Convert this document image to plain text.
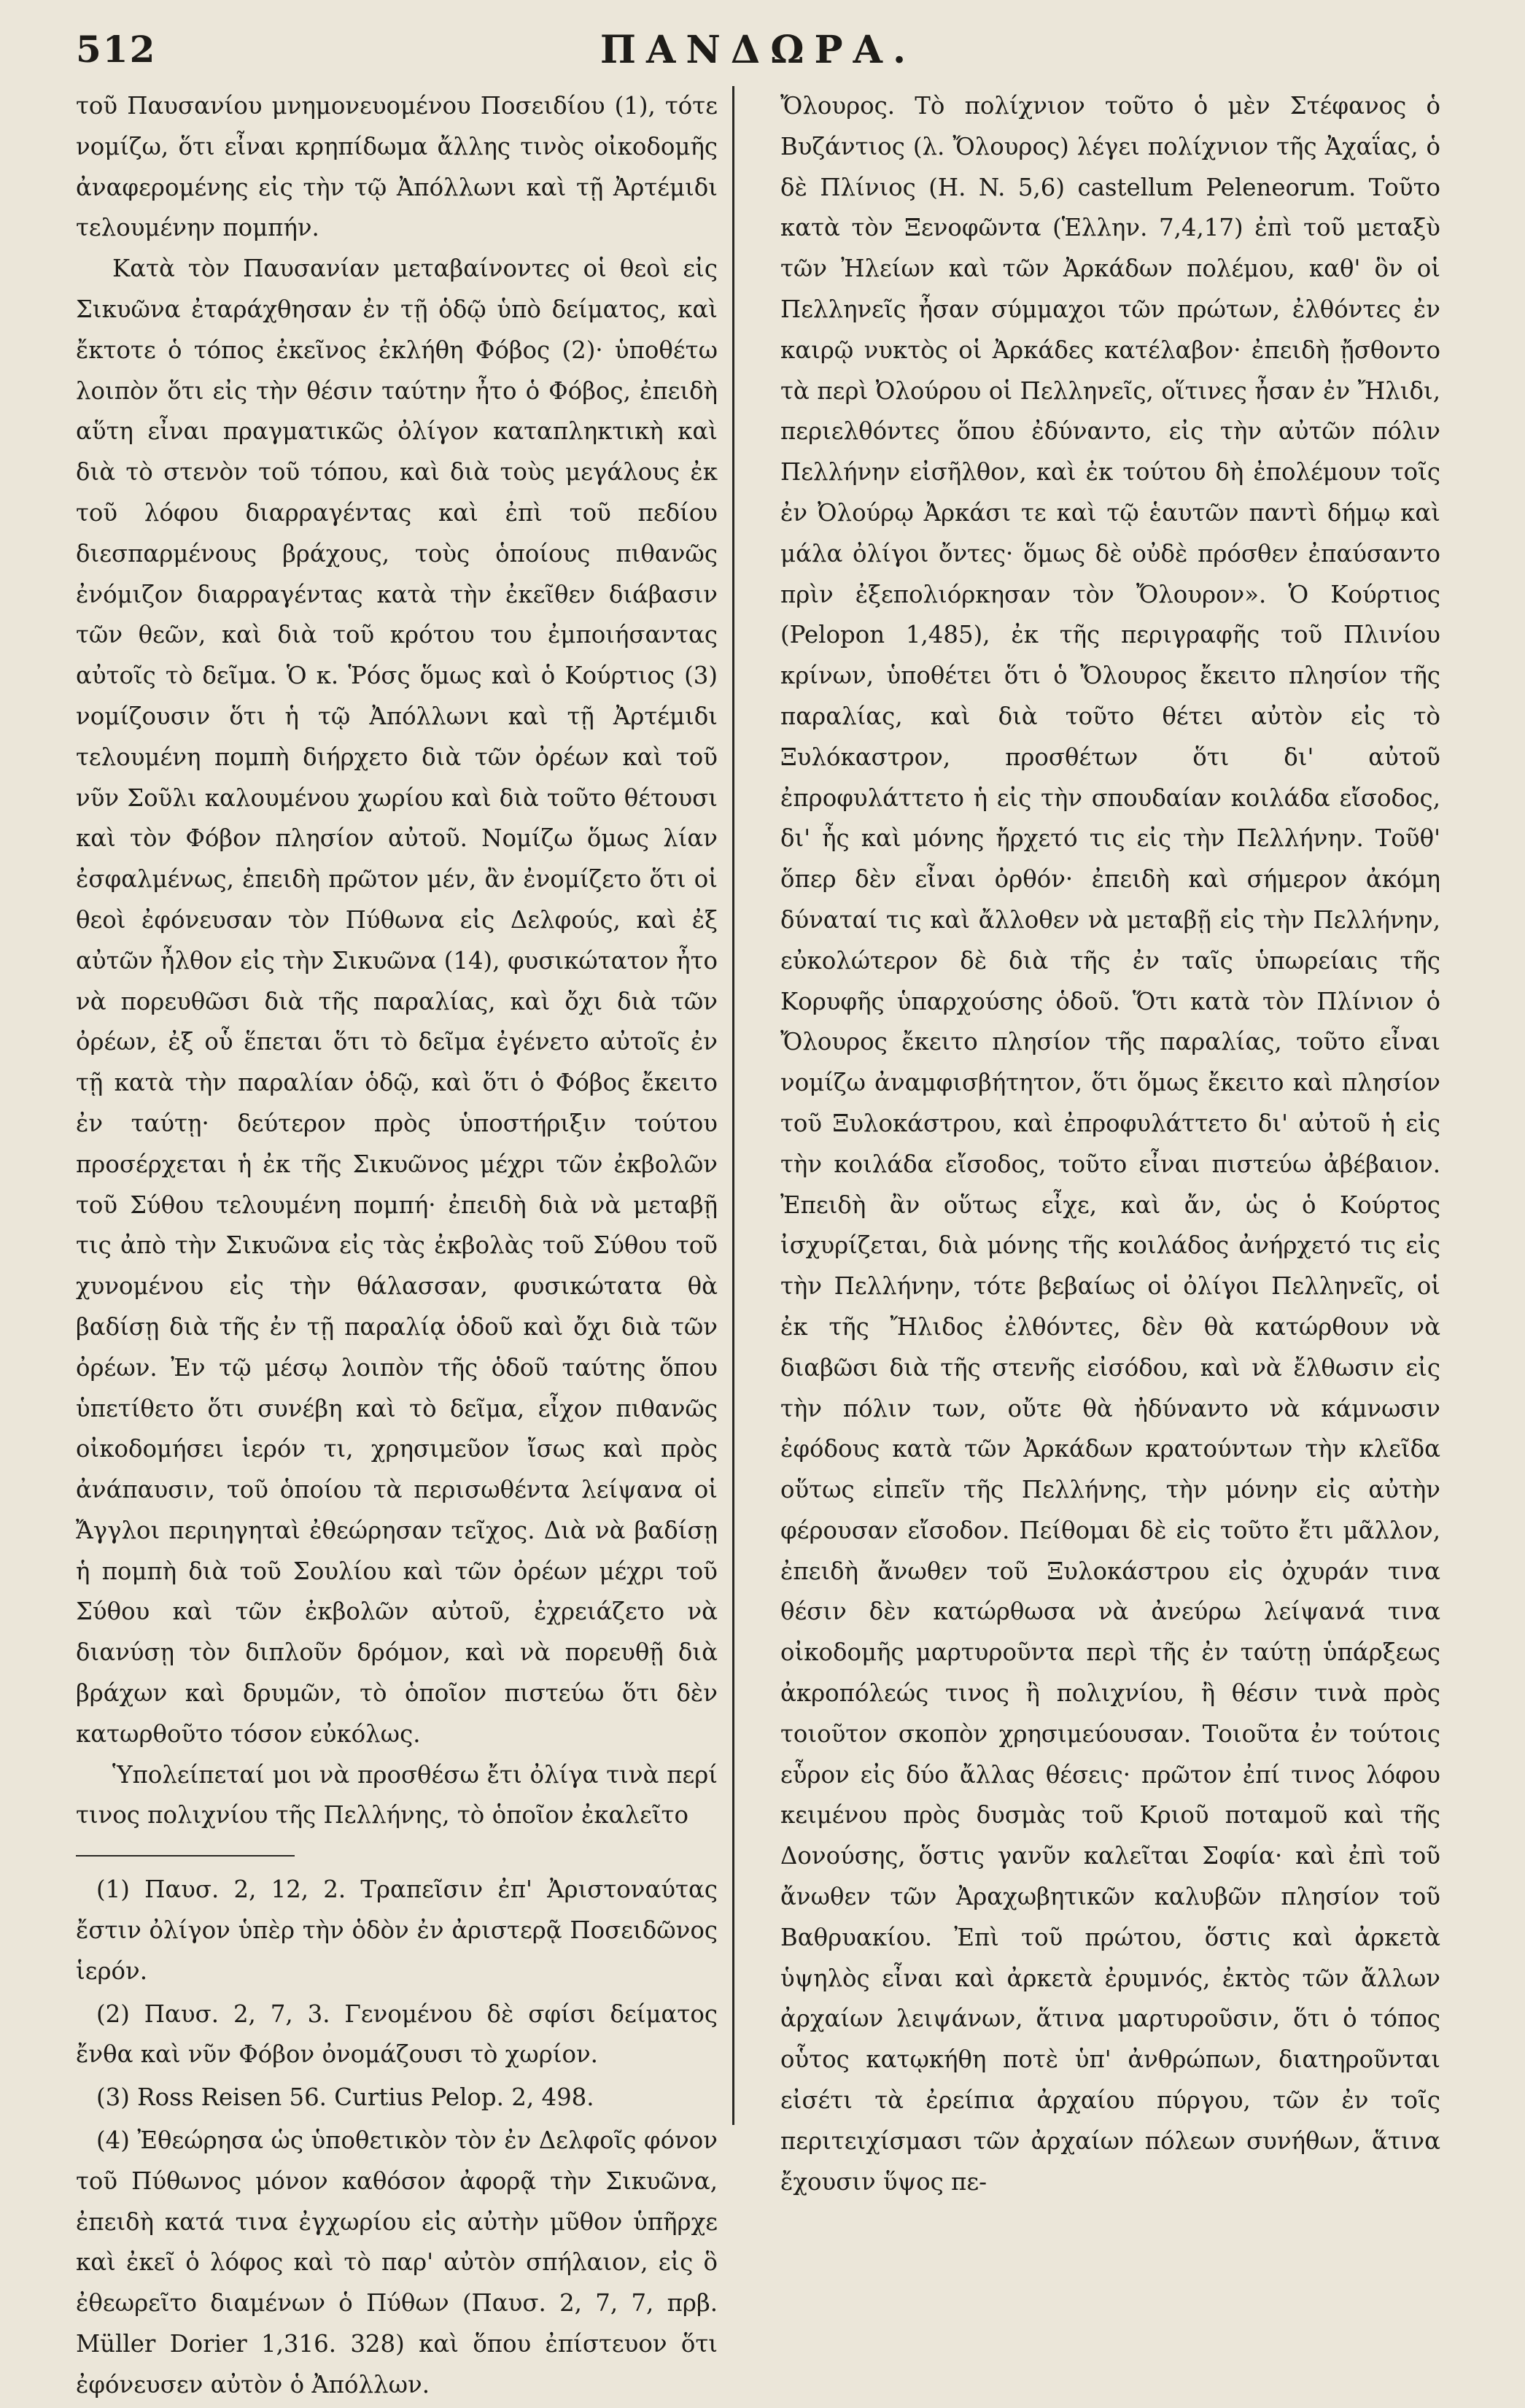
ΠΑΝΔΩΡΑ.
512

τοῦ Παυσανίου μνημονευομένου Ποσειδίου (1), τότε νομίζω, ὅτι εἶναι κρηπίδωμα ἄλλης τινὸς οἰκοδομῆς ἀναφερομένης εἰς τὴν τῷ Ἀπόλλωνι καὶ τῇ Ἀρτέμιδι τελουμένην πομπήν.

Κατὰ τὸν Παυσανίαν μεταβαίνοντες οἱ θεοὶ εἰς Σικυῶνα ἐταράχθησαν ἐν τῇ ὁδῷ ὑπὸ δείματος, καὶ ἔκτοτε ὁ τόπος ἐκεῖνος ἐκλήθη Φόβος (2)· ὑποθέτω λοιπὸν ὅτι εἰς τὴν θέσιν ταύτην ἦτο ὁ Φόβος, ἐπειδὴ αὕτη εἶναι πραγματικῶς ὀλίγον καταπληκτικὴ καὶ διὰ τὸ στενὸν τοῦ τόπου, καὶ διὰ τοὺς μεγάλους ἐκ τοῦ λόφου διαρραγέντας καὶ ἐπὶ τοῦ πεδίου διεσπαρμένους βράχους, τοὺς ὁποίους πιθανῶς ἐνόμιζον διαρραγέντας κατὰ τὴν ἐκεῖθεν διάβασιν τῶν θεῶν, καὶ διὰ τοῦ κρότου του ἐμποιήσαντας αὐτοῖς τὸ δεῖμα. Ὁ κ. Ῥόσς ὅμως καὶ ὁ Κούρτιος (3) νομίζουσιν ὅτι ἡ τῷ Ἀπόλλωνι καὶ τῇ Ἀρτέμιδι τελουμένη πομπὴ διήρχετο διὰ τῶν ὀρέων καὶ τοῦ νῦν Σοῦλι καλουμένου χωρίου καὶ διὰ τοῦτο θέτουσι καὶ τὸν Φόβον πλησίον αὐτοῦ. Νομίζω ὅμως λίαν ἐσφαλμένως, ἐπειδὴ πρῶτον μέν, ἂν ἐνομίζετο ὅτι οἱ θεοὶ ἐφόνευσαν τὸν Πύθωνα εἰς Δελφούς, καὶ ἐξ αὐτῶν ἦλθον εἰς τὴν Σικυῶνα (14), φυσικώτατον ἦτο νὰ πορευθῶσι διὰ τῆς παραλίας, καὶ ὄχι διὰ τῶν ὀρέων, ἐξ οὗ ἕπεται ὅτι τὸ δεῖμα ἐγένετο αὐτοῖς ἐν τῇ κατὰ τὴν παραλίαν ὁδῷ, καὶ ὅτι ὁ Φόβος ἔκειτο ἐν ταύτῃ· δεύτερον πρὸς ὑποστήριξιν τούτου προσέρχεται ἡ ἐκ τῆς Σικυῶνος μέχρι τῶν ἐκβολῶν τοῦ Σύθου τελουμένη πομπή· ἐπειδὴ διὰ νὰ μεταβῇ τις ἀπὸ τὴν Σικυῶνα εἰς τὰς ἐκβολὰς τοῦ Σύθου τοῦ χυνομένου εἰς τὴν θάλασσαν, φυσικώτατα θὰ βαδίσῃ διὰ τῆς ἐν τῇ παραλίᾳ ὁδοῦ καὶ ὄχι διὰ τῶν ὀρέων. Ἐν τῷ μέσῳ λοιπὸν τῆς ὁδοῦ ταύτης ὅπου ὑπετίθετο ὅτι συνέβη καὶ τὸ δεῖμα, εἶχον πιθανῶς οἰκοδομήσει ἱερόν τι, χρησιμεῦον ἴσως καὶ πρὸς ἀνάπαυσιν, τοῦ ὁποίου τὰ περισωθέντα λείψανα οἱ Ἄγγλοι περιηγηταὶ ἐθεώρησαν τεῖχος. Διὰ νὰ βαδίσῃ ἡ πομπὴ διὰ τοῦ Σουλίου καὶ τῶν ὀρέων μέχρι τοῦ Σύθου καὶ τῶν ἐκβολῶν αὐτοῦ, ἐχρειάζετο νὰ διανύσῃ τὸν διπλοῦν δρόμον, καὶ νὰ πορευθῇ διὰ βράχων καὶ δρυμῶν, τὸ ὁποῖον πιστεύω ὅτι δὲν κατωρθοῦτο τόσον εὐκόλως.

Ὑπολείπεταί μοι νὰ προσθέσω ἔτι ὀλίγα τινὰ περί τινος πολιχνίου τῆς Πελλήνης, τὸ ὁποῖον ἐκαλεῖτο

(1) Παυσ. 2, 12, 2. Τραπεῖσιν ἐπ' Ἀριστοναύτας ἔστιν ὀλίγον ὑπὲρ τὴν ὁδὸν ἐν ἀριστερᾷ Ποσειδῶνος ἱερόν.

(2) Παυσ. 2, 7, 3. Γενομένου δὲ σφίσι δείματος ἔνθα καὶ νῦν Φόβον ὀνομάζουσι τὸ χωρίον.

(3) Ross Reisen 56. Curtius Pelop. 2, 498.

(4) Ἐθεώρησα ὡς ὑποθετικὸν τὸν ἐν Δελφοῖς φόνον τοῦ Πύθωνος μόνον καθόσον ἀφορᾷ τὴν Σικυῶνα, ἐπειδὴ κατά τινα ἐγχωρίου εἰς αὐτὴν μῦθον ὑπῆρχε καὶ ἐκεῖ ὁ λόφος καὶ τὸ παρ' αὐτὸν σπήλαιον, εἰς ὃ ἐθεωρεῖτο διαμένων ὁ Πύθων (Παυσ. 2, 7, 7, πρβ. Müller Dorier 1,316. 328) καὶ ὅπου ἐπίστευον ὅτι ἐφόνευσεν αὐτὸν ὁ Ἀπόλλων.

Ὄλουρος. Τὸ πολίχνιον τοῦτο ὁ μὲν Στέφανος ὁ Βυζάντιος (λ. Ὄλουρος) λέγει πολίχνιον τῆς Ἀχαΐας, ὁ δὲ Πλίνιος (H. N. 5,6) castellum Peleneorum. Τοῦτο κατὰ τὸν Ξενοφῶντα (Ἑλλην. 7,4,17) ἐπὶ τοῦ μεταξὺ τῶν Ἠλείων καὶ τῶν Ἀρκάδων πολέμου, καθ' ὃν οἱ Πελληνεῖς ἦσαν σύμμαχοι τῶν πρώτων, ἐλθόντες ἐν καιρῷ νυκτὸς οἱ Ἀρκάδες κατέλαβον· ἐπειδὴ ᾔσθοντο τὰ περὶ Ὀλούρου οἱ Πελληνεῖς, οἵτινες ἦσαν ἐν Ἤλιδι, περιελθόντες ὅπου ἐδύναντο, εἰς τὴν αὐτῶν πόλιν Πελλήνην εἰσῆλθον, καὶ ἐκ τούτου δὴ ἐπολέμουν τοῖς ἐν Ὀλούρῳ Ἀρκάσι τε καὶ τῷ ἑαυτῶν παντὶ δήμῳ καὶ μάλα ὀλίγοι ὄντες· ὅμως δὲ οὐδὲ πρόσθεν ἐπαύσαντο πρὶν ἐξεπολιόρκησαν τὸν Ὄλουρον». Ὁ Κούρτιος (Pelopon 1,485), ἐκ τῆς περιγραφῆς τοῦ Πλινίου κρίνων, ὑποθέτει ὅτι ὁ Ὄλουρος ἔκειτο πλησίον τῆς παραλίας, καὶ διὰ τοῦτο θέτει αὐτὸν εἰς τὸ Ξυλόκαστρον, προσθέτων ὅτι δι' αὐτοῦ ἐπροφυλάττετο ἡ εἰς τὴν σπουδαίαν κοιλάδα εἴσοδος, δι' ἧς καὶ μόνης ἤρχετό τις εἰς τὴν Πελλήνην. Τοῦθ' ὅπερ δὲν εἶναι ὀρθόν· ἐπειδὴ καὶ σήμερον ἀκόμη δύναταί τις καὶ ἄλλοθεν νὰ μεταβῇ εἰς τὴν Πελλήνην, εὐκολώτερον δὲ διὰ τῆς ἐν ταῖς ὑπωρείαις τῆς Κορυφῆς ὑπαρχούσης ὁδοῦ. Ὅτι κατὰ τὸν Πλίνιον ὁ Ὄλουρος ἔκειτο πλησίον τῆς παραλίας, τοῦτο εἶναι νομίζω ἀναμφισβήτητον, ὅτι ὅμως ἔκειτο καὶ πλησίον τοῦ Ξυλοκάστρου, καὶ ἐπροφυλάττετο δι' αὐτοῦ ἡ εἰς τὴν κοιλάδα εἴσοδος, τοῦτο εἶναι πιστεύω ἀβέβαιον. Ἐπειδὴ ἂν οὕτως εἶχε, καὶ ἄν, ὡς ὁ Κούρτος ἰσχυρίζεται, διὰ μόνης τῆς κοιλάδος ἀνήρχετό τις εἰς τὴν Πελλήνην, τότε βεβαίως οἱ ὀλίγοι Πελληνεῖς, οἱ ἐκ τῆς Ἤλιδος ἐλθόντες, δὲν θὰ κατώρθουν νὰ διαβῶσι διὰ τῆς στενῆς εἰσόδου, καὶ νὰ ἔλθωσιν εἰς τὴν πόλιν των, οὔτε θὰ ἠδύναντο νὰ κάμνωσιν ἐφόδους κατὰ τῶν Ἀρκάδων κρατούντων τὴν κλεῖδα οὕτως εἰπεῖν τῆς Πελλήνης, τὴν μόνην εἰς αὐτὴν φέρουσαν εἴσοδον. Πείθομαι δὲ εἰς τοῦτο ἔτι μᾶλλον, ἐπειδὴ ἄνωθεν τοῦ Ξυλοκάστρου εἰς ὀχυράν τινα θέσιν δὲν κατώρθωσα νὰ ἀνεύρω λείψανά τινα οἰκοδομῆς μαρτυροῦντα περὶ τῆς ἐν ταύτῃ ὑπάρξεως ἀκροπόλεώς τινος ἢ πολιχνίου, ἢ θέσιν τινὰ πρὸς τοιοῦτον σκοπὸν χρησιμεύουσαν. Τοιοῦτα ἐν τούτοις εὗρον εἰς δύο ἄλλας θέσεις· πρῶτον ἐπί τινος λόφου κειμένου πρὸς δυσμὰς τοῦ Κριοῦ ποταμοῦ καὶ τῆς Δονούσης, ὅστις γανῦν καλεῖται Σοφία· καὶ ἐπὶ τοῦ ἄνωθεν τῶν Ἀραχωβητικῶν καλυβῶν πλησίον τοῦ Βαθρυακίου. Ἐπὶ τοῦ πρώτου, ὅστις καὶ ἀρκετὰ ὑψηλὸς εἶναι καὶ ἀρκετὰ ἐρυμνός, ἐκτὸς τῶν ἄλλων ἀρχαίων λειψάνων, ἅτινα μαρτυροῦσιν, ὅτι ὁ τόπος οὗτος κατῳκήθη ποτὲ ὑπ' ἀνθρώπων, διατηροῦνται εἰσέτι τὰ ἐρείπια ἀρχαίου πύργου, τῶν ἐν τοῖς περιτειχίσμασι τῶν ἀρχαίων πόλεων συνήθων, ἅτινα ἔχουσιν ὕψος πε-
